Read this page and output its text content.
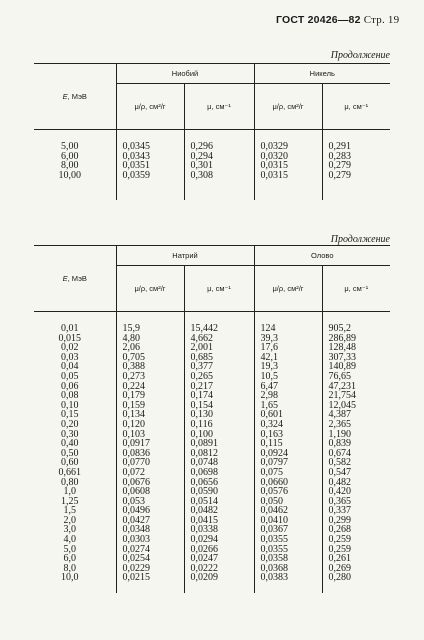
ГОСТ 20426—82 Стр. 19
Продолжение
E, МэВ	Ниобий		Никель	
	μ/ρ, см²/г	μ, см⁻¹	μ/ρ, см²/г	μ, см⁻¹

5,00	0,0345	0,296	0,0329	0,291
6,00	0,0343	0,294	0,0320	0,283
8,00	0,0351	0,301	0,0315	0,279
10,00	0,0359	0,308	0,0315	0,279

Продолжение
E, МэВ	Натрий		Олово	
	μ/ρ, см²/г	μ, см⁻¹	μ/ρ, см²/г	μ, см⁻¹

0,01	15,9	15,442	124	905,2
0,015	4,80	4,662	39,3	286,89
0,02	2,06	2,001	17,6	128,48
0,03	0,705	0,685	42,1	307,33
0,04	0,388	0,377	19,3	140,89
0,05	0,273	0,265	10,5	76,65
0,06	0,224	0,217	6,47	47,231
0,08	0,179	0,174	2,98	21,754
0,10	0,159	0,154	1,65	12,045
0,15	0,134	0,130	0,601	4,387
0,20	0,120	0,116	0,324	2,365
0,30	0,103	0,100	0,163	1,190
0,40	0,0917	0,0891	0,115	0,839
0,50	0,0836	0,0812	0,0924	0,674
0,60	0,0770	0,0748	0,0797	0,582
0,661	0,072	0,0698	0,075	0,547
0,80	0,0676	0,0656	0,0660	0,482
1,0	0,0608	0,0590	0,0576	0,420
1,25	0,053	0,0514	0,050	0,365
1,5	0,0496	0,0482	0,0462	0,337
2,0	0,0427	0,0415	0,0410	0,299
3,0	0,0348	0,0338	0,0367	0,268
4,0	0,0303	0,0294	0,0355	0,259
5,0	0,0274	0,0266	0,0355	0,259
6,0	0,0254	0,0247	0,0358	0,261
8,0	0,0229	0,0222	0,0368	0,269
10,0	0,0215	0,0209	0,0383	0,280
